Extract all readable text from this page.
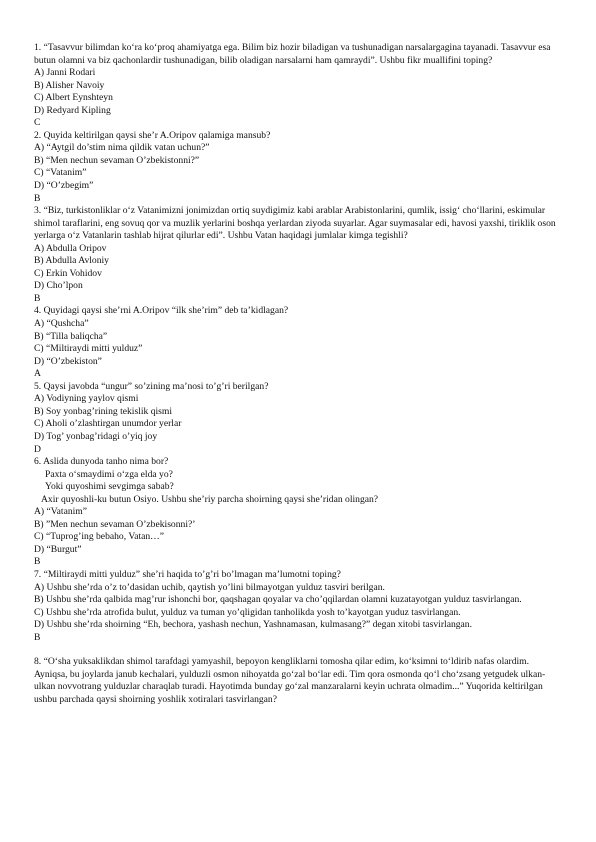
1. “Tasavvur bilimdan ko‘ra ko‘proq ahamiyatga ega. Bilim biz hozir biladigan va tushunadigan narsalargagina tayanadi. Tasavvur esa butun olamni va biz qachonlardir tushunadigan, bilib oladigan narsalarni ham qamraydi”. Ushbu fikr muallifini toping?

A) Janni Rodari

B) Alisher Navoiy

C) Albert Eynshteyn

D) Redyard Kipling

C

2. Quyida keltirilgan qaysi she’r A.Oripov qalamiga mansub?

A) “Aytgil do’stim nima qildik vatan uchun?”

B) “Men nechun sevaman O’zbekistonni?”

C) “Vatanim”

D) “O’zbegim”

B

3. “Biz, turkistonliklar o‘z Vatanimizni jonimizdan ortiq suydigimiz kabi arablar Arabistonlarini, qumlik, issig‘ cho‘llarini, eskimular shimol taraflarini, eng sovuq qor va muzlik yerlarini boshqa yerlardan ziyoda suyarlar. Agar suymasalar edi, havosi yaxshi, tiriklik oson yerlarga o‘z Vatanlarin tashlab hijrat qilurlar edi”. Ushbu Vatan haqidagi jumlalar kimga tegishli?

A) Abdulla Oripov

B) Abdulla Avloniy

C) Erkin Vohidov

D) Cho’lpon

B

4. Quyidagi qaysi she’rni A.Oripov “ilk she’rim” deb ta’kidlagan?

A) “Qushcha”

B) “Tilla baliqcha”

C) “Miltiraydi mitti yulduz”

D) “O’zbekiston”

A

5. Qaysi javobda “ungur” so’zining ma’nosi to’g’ri berilgan?

A) Vodiyning yaylov qismi

B) Soy yonbag’rining tekislik qismi

C) Aholi o’zlashtirgan unumdor yerlar

D) Tog’ yonbag’ridagi o’yiq joy

D

6. Aslida dunyoda tanho nima bor?

Paxta o‘smaydimi o‘zga elda yo?
Yoki quyoshimi sevgimga sabab?
Axir quyoshli-ku butun Osiyo. Ushbu she’riy parcha shoirning qaysi she’ridan olingan?

A) “Vatanim”

B) ”Men nechun sevaman O’zbekisonni?’

C) “Tuprog’ing bebaho, Vatan…”

D) “Burgut”

B

7. “Miltiraydi mitti yulduz” she’ri haqida to’g’ri bo’lmagan ma’lumotni toping?

A) Ushbu she’rda o’z to’dasidan uchib, qaytish yo’lini bilmayotgan yulduz tasviri berilgan.

B) Ushbu she’rda qalbida mag’rur ishonchi bor, qaqshagan qoyalar va cho’qqilardan olamni kuzatayotgan yulduz tasvirlangan.

C) Ushbu she’rda atrofida bulut, yulduz va tuman yo’qligidan tanholikda yosh to’kayotgan yuduz tasvirlangan.

D) Ushbu she’rda shoirning “Eh, bechora, yashash nechun, Yashnamasan, kulmasang?” degan xitobi tasvirlangan.

B

8. “O‘sha yuksaklikdan shimol tarafdagi yamyashil, bepoyon kengliklarni tomosha qilar edim, ko‘ksimni to‘ldirib nafas olardim. Ayniqsa, bu joylarda janub kechalari, yulduzli osmon nihoyatda go‘zal bo‘lar edi. Tim qora osmonda qo‘l cho‘zsang yetgudek ulkan-ulkan novvotrang yulduzlar charaqlab turadi. Hayotimda bunday go‘zal manzaralarni keyin uchrata olmadim...” Yuqorida keltirilgan ushbu parchada qaysi shoirning yoshlik xotiralari tasvirlangan?
